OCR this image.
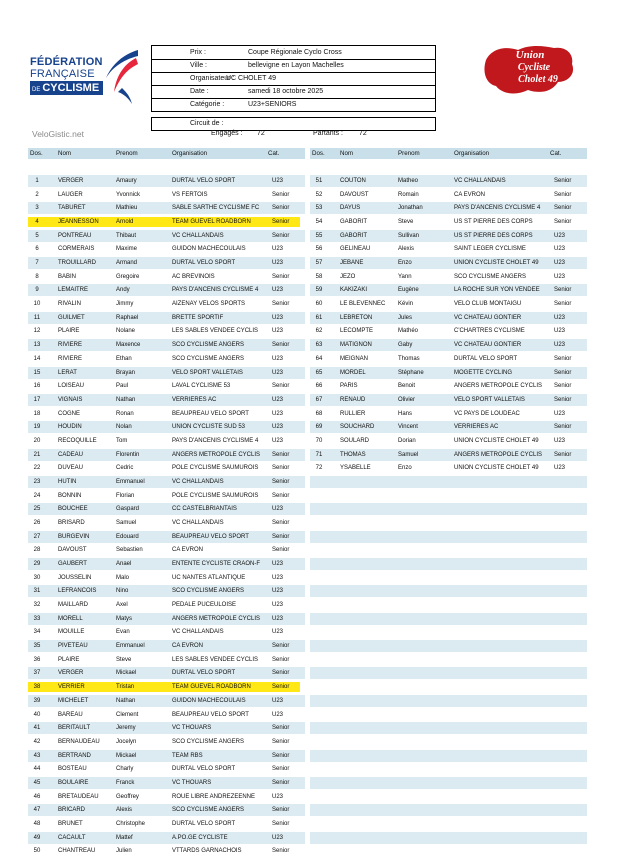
FÉDÉRATION
FRANÇAISE
DE CYCLISME
Union
Cycliste
Cholet 49
Prix :	Coupe Régionale Cyclo Cross
Ville :	bellevigne en Layon Machelles
Organisateur :
UC CHOLET 49
Date :	samedi 18 octobre 2025
Catégorie :	U23+SENIORS
Circuit de :
Engagés : 72	Partants : 72
VeloGistic.net
Dos. Nom	Prenom	Organisation	Cat.	Dos. Nom	Prenom	Organisation	Cat.
1	VERGER	Amaury	DURTAL VELO SPORT	U23
2	LAUGER	Yvonnick	VS FERTOIS	Senior
3	TABURET	Mathieu	SABLE SARTHE CYCLISME FC	Senior
4	JEANNESSON	Arnold	TEAM GUEVEL ROADBORN	Senior
5	PONTREAU	Thibaut	VC CHALLANDAIS	Senior
6	CORMERAIS	Maxime	GUIDON MACHECOULAIS	U23
7	TROUILLARD	Armand	DURTAL VELO SPORT	U23
8	BABIN	Gregoire	AC BREVINOIS	Senior
9	LEMAITRE	Andy	PAYS D'ANCENIS CYCLISME 4	U23
10	RIVALIN	Jimmy	AIZENAY VELOS SPORTS	Senior
11	GUILMET	Raphael	BRETTE SPORTIF	U23
12	PLAIRE	Nolane	LES SABLES VENDEE CYCLIS	U23
13	RIVIERE	Maxence	SCO CYCLISME ANGERS	Senior
14	RIVIERE	Ethan	SCO CYCLISME ANGERS	U23
15	LERAT	Brayan	VELO SPORT VALLETAIS	U23
16	LOISEAU	Paul	LAVAL CYCLISME 53	Senior
17	VIGNAIS	Nathan	VERRIERES AC	U23
18	COGNE	Ronan	BEAUPREAU VELO SPORT	U23
19	HOUDIN	Nolan	UNION CYCLISTE SUD 53	U23
20	RECOQUILLE	Tom	PAYS D'ANCENIS CYCLISME 4	U23
21	CADEAU	Florentin	ANGERS METROPOLE CYCLIS	Senior
22	DUVEAU	Cedric	POLE CYCLISME SAUMUROIS	Senior
23	HUTIN	Emmanuel	VC CHALLANDAIS	Senior
24	BONNIN	Florian	POLE CYCLISME SAUMUROIS	Senior
25	BOUCHEE	Gaspard	CC CASTELBRIANTAIS	U23
26	BRISARD	Samuel	VC CHALLANDAIS	Senior
27	BURGEVIN	Edouard	BEAUPREAU VELO SPORT	Senior
28	DAVOUST	Sebastien	CA EVRON	Senior
29	GAUBERT	Anael	ENTENTE CYCLISTE CRAON-F	U23
30	JOUSSELIN	Malo	UC NANTES ATLANTIQUE	U23
31	LEFRANCOIS	Nino	SCO CYCLISME ANGERS	U23
32	MAILLARD	Axel	PEDALE PUCEULOISE	U23
33	MORELL	Matys	ANGERS METROPOLE CYCLIS	U23
34	MOUILLE	Evan	VC CHALLANDAIS	U23
35	PIVETEAU	Emmanuel	CA EVRON	Senior
36	PLAIRE	Steve	LES SABLES VENDEE CYCLIS	Senior
37	VERGER	Mickael	DURTAL VELO SPORT	Senior
38	VERRIER	Tristan	TEAM GUEVEL ROADBORN	Senior
39	MICHELET	Nathan	GUIDON MACHECOULAIS	U23
40	BAREAU	Clement	BEAUPREAU VELO SPORT	U23
41	BERITAULT	Jeremy	VC THOUARS	Senior
42	BERNAUDEAU	Jocelyn	SCO CYCLISME ANGERS	Senior
43	BERTRAND	Mickael	TEAM RBS	Senior
44	BOSTEAU	Charly	DURTAL VELO SPORT	Senior
45	BOULAIRE	Franck	VC THOUARS	Senior
46	BRETAUDEAU	Geoffrey	ROUE LIBRE ANDREZEENNE	U23
47	BRICARD	Alexis	SCO CYCLISME ANGERS	Senior
48	BRUNET	Christophe	DURTAL VELO SPORT	Senior
49	CACAULT	Mattef	A.PO.GE CYCLISTE	U23
50	CHANTREAU	Julien	VTTARDS GARNACHOIS	Senior
51	COUTON	Matheo	VC CHALLANDAIS	Senior
52	DAVOUST	Romain	CA EVRON	Senior
53	DAYUS	Jonathan	PAYS D'ANCENIS CYCLISME 4	Senior
54	GABORIT	Steve	US ST PIERRE DES CORPS	Senior
55	GABORIT	Sullivan	US ST PIERRE DES CORPS	U23
56	GELINEAU	Alexis	SAINT LEGER CYCLISME	U23
57	JEBANE	Enzo	UNION CYCLISTE CHOLET 49	U23
58	JEZO	Yann	SCO CYCLISME ANGERS	U23
59	KAKIZAKI	Eugène	LA ROCHE SUR YON VENDEE	Senior
60	LE BLEVENNEC	Kévin	VELO CLUB MONTAIGU	Senior
61	LEBRETON	Jules	VC CHATEAU GONTIER	U23
62	LECOMPTE	Mathéo	C'CHARTRES CYCLISME	U23
63	MATIGNON	Gaby	VC CHATEAU GONTIER	U23
64	MEIGNAN	Thomas	DURTAL VELO SPORT	Senior
65	MORDEL	Stéphane	MOGETTE CYCLING	Senior
66	PARIS	Benoit	ANGERS METROPOLE CYCLIS	Senior
67	RENAUD	Olivier	VELO SPORT VALLETAIS	Senior
68	RULLIER	Hans	VC PAYS DE LOUDEAC	U23
69	SOUCHARD	Vincent	VERRIERES AC	Senior
70	SOULARD	Dorian	UNION CYCLISTE CHOLET 49	U23
71	THOMAS	Samuel	ANGERS METROPOLE CYCLIS	Senior
72	YSABELLE	Enzo	UNION CYCLISTE CHOLET 49	U23
